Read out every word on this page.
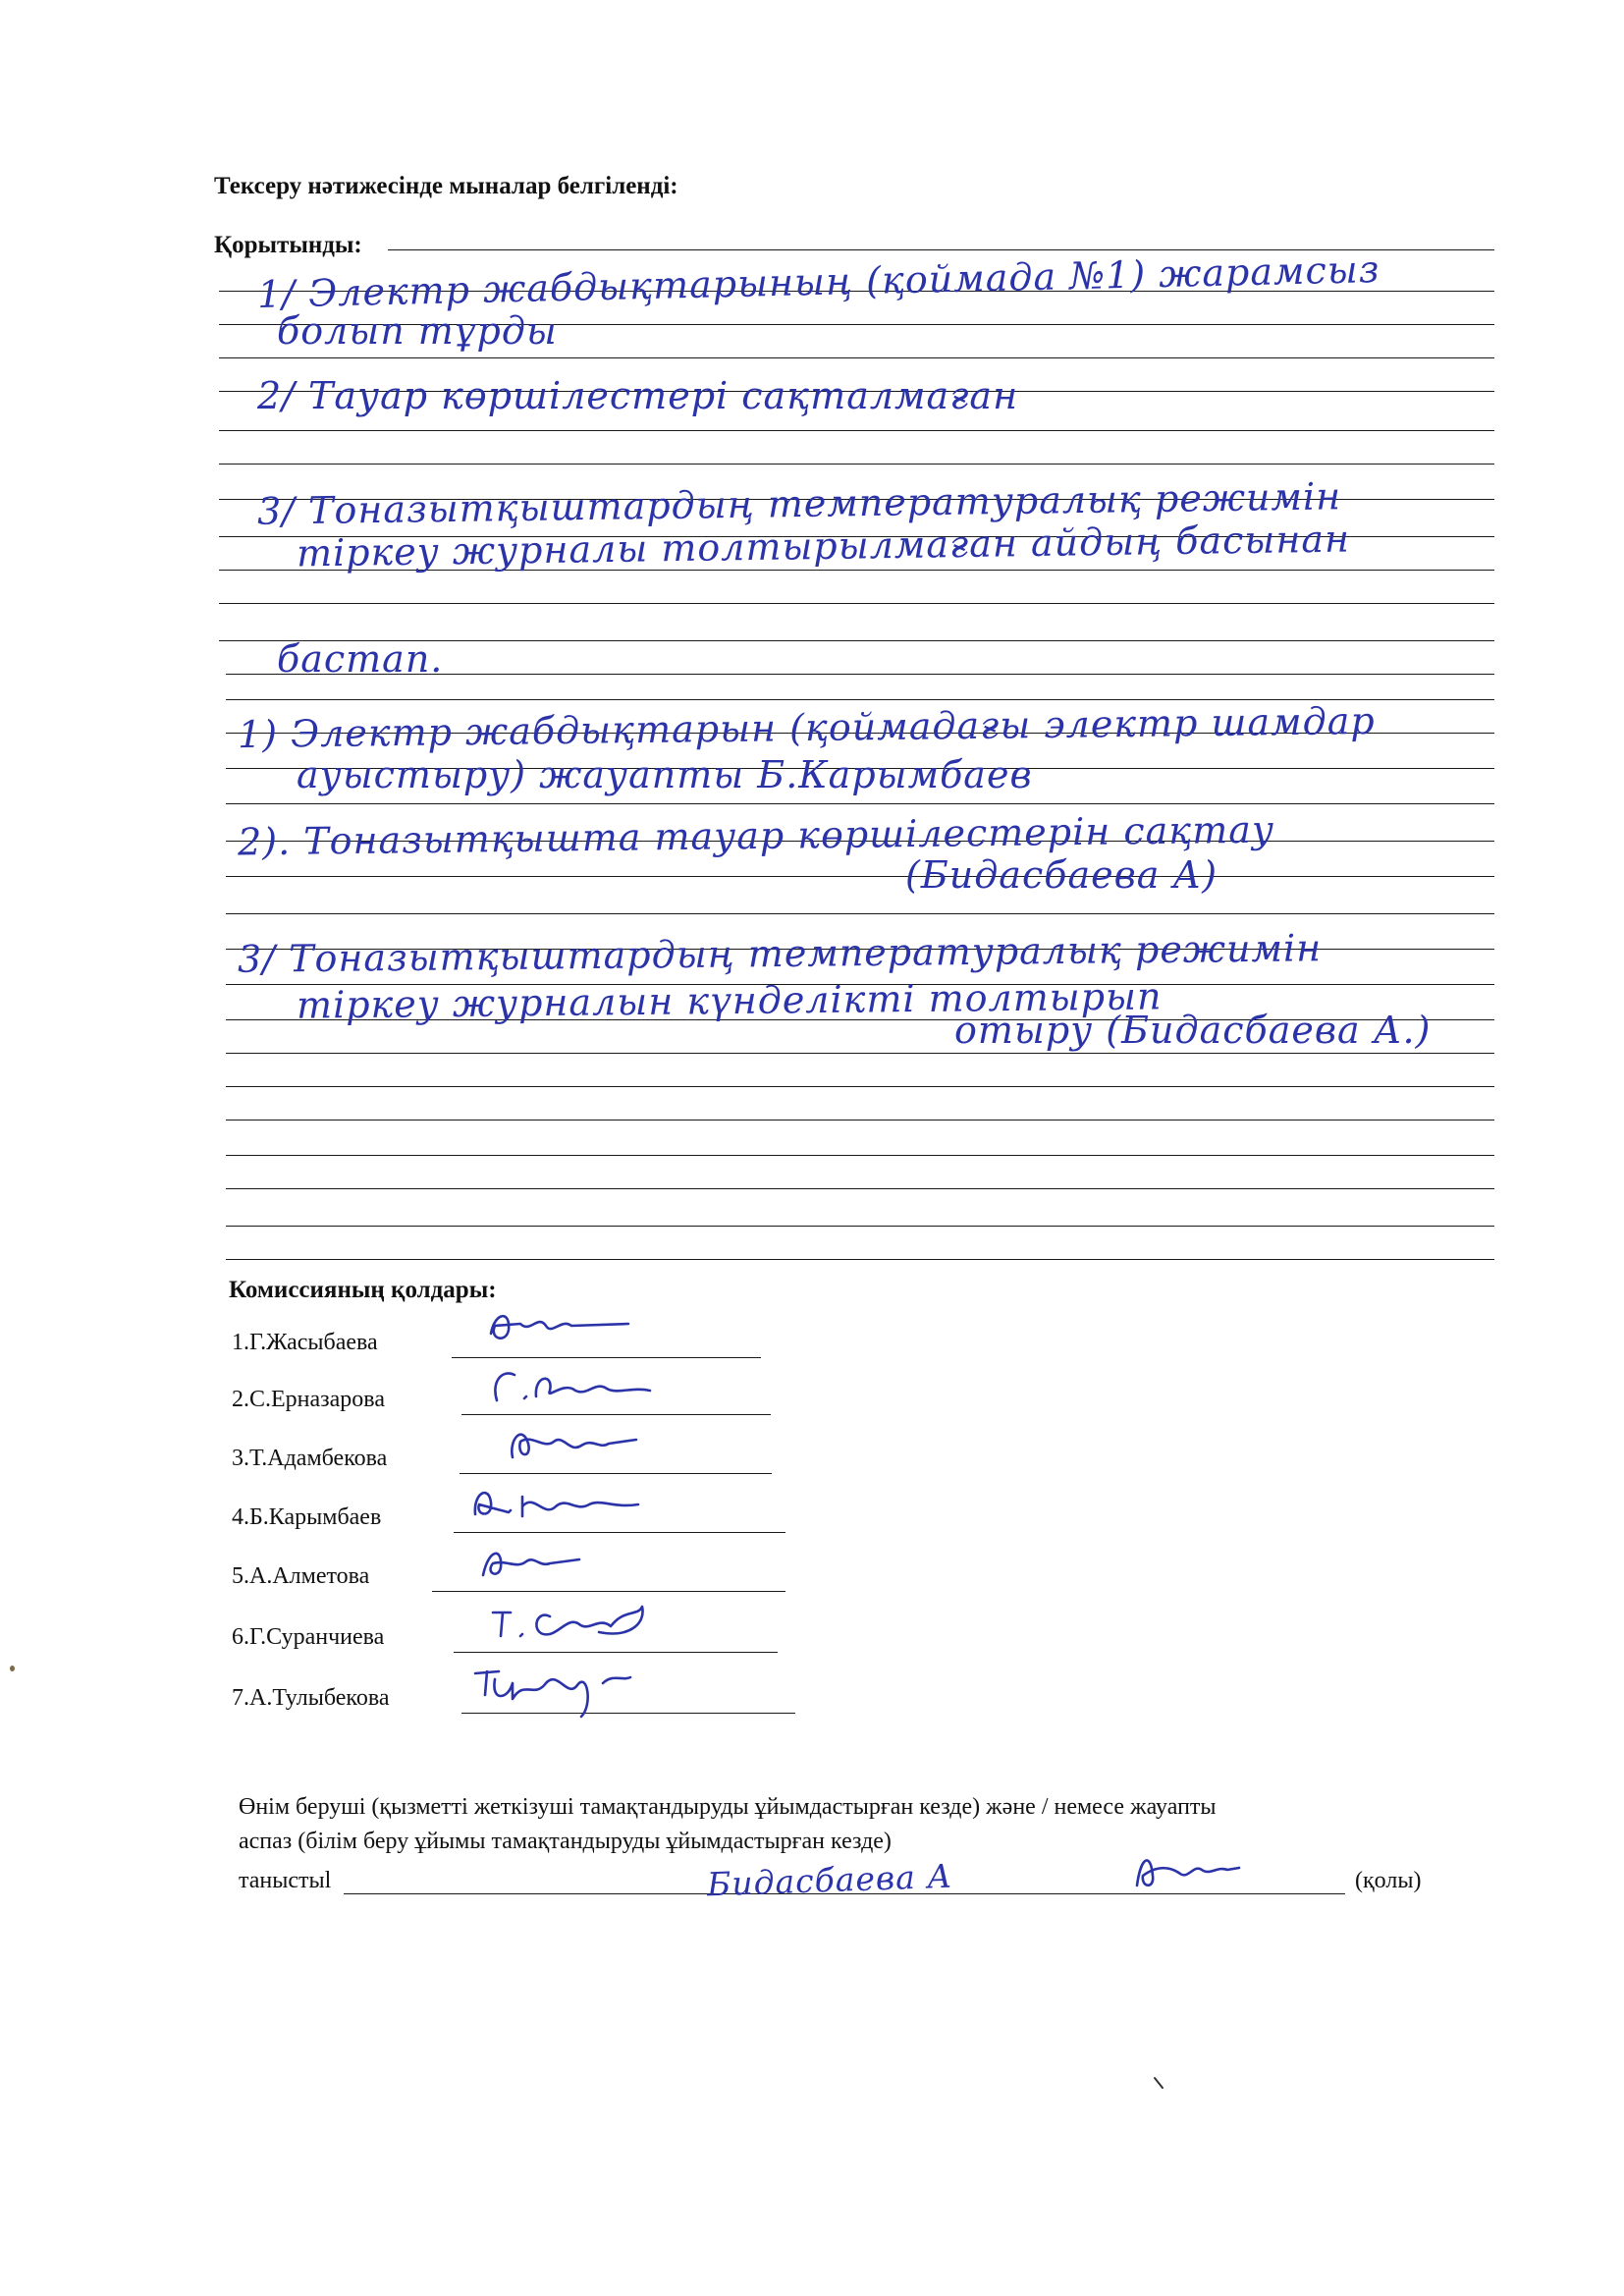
Тексеру нәтижесінде мыналар белгіленді:
Қорытынды:
1/ Электр жабдықтарының (қоймада №1) жарамсыз
болып тұрды
2/ Тауар көршілестері сақталмаған
3/ Тоназытқыштардың температуралық режимін
тіркеу журналы толтырылмаған айдың басынан
бастап.
1) Электр жабдықтарын (қоймадағы электр шамдар
ауыстыру) жауапты Б.Карымбаев
2). Тоназытқышта тауар көршілестерін сақтау
(Бидасбаева А)
3/ Тоназытқыштардың температуралық режимін
тіркеу журналын күнделікті толтырып
отыру (Бидасбаева А.)
Комиссияның қолдары:
1.Г.Жасыбаева
2.С.Ерназарова
3.Т.Адамбекова
4.Б.Карымбаев
5.А.Алметова
6.Г.Суранчиева
7.А.Тулыбекова
Өнім беруші (қызметті жеткізуші тамақтандыруды ұйымдастырған кезде) және / немесе жауапты
аспаз (білім беру ұйымы тамақтандыруды ұйымдастырған кезде)
таныстыl	Бидасбаева А	(қолы)
